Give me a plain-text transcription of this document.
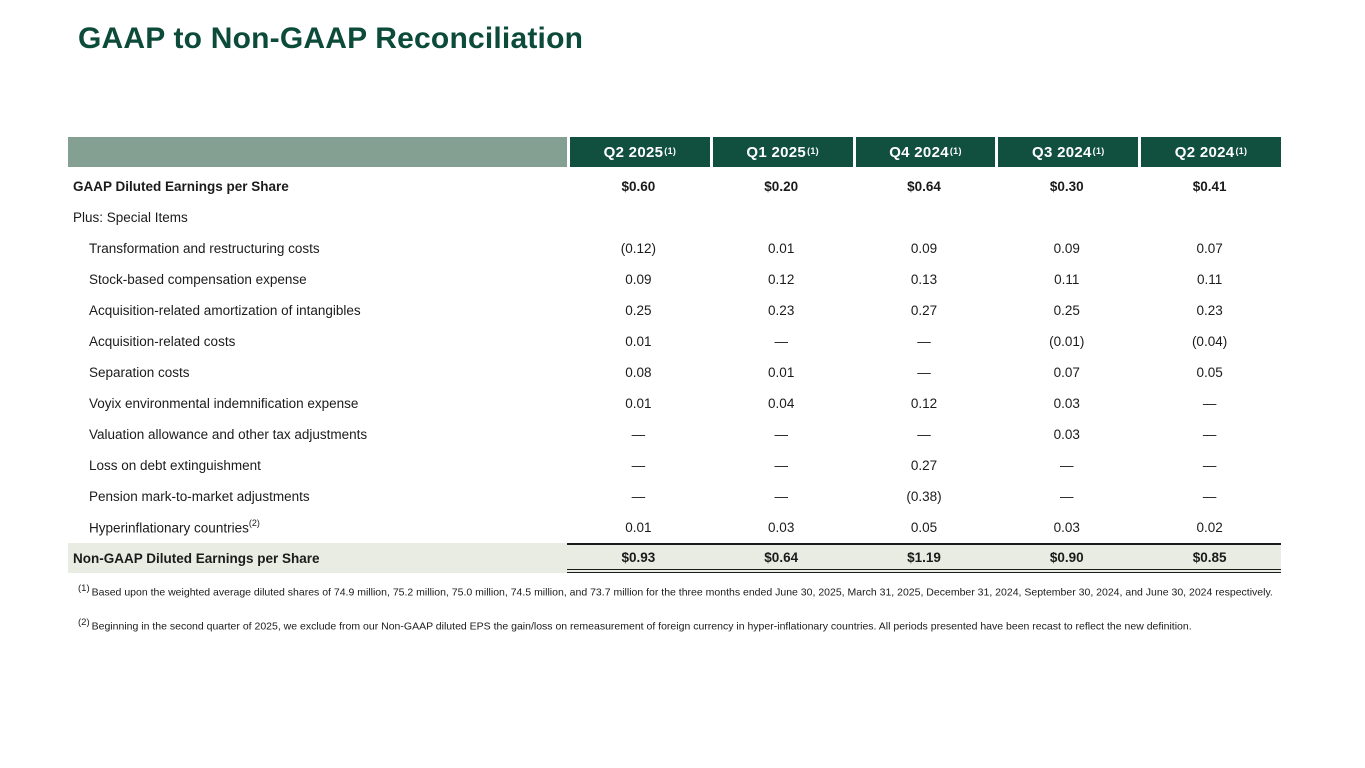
GAAP to Non-GAAP Reconciliation
Q2 2025$^{(1)}$	Q1 2025$^{(1)}$	Q4 2024$^{(1)}$	Q3 2024$^{(1)}$	Q2 2024$^{(1)}$
GAAP Diluted Earnings per Share	$0.60	$0.20	$0.64	$0.30	$0.41
Plus: Special Items
Transformation and restructuring costs	(0.12)	0.01	0.09	0.09	0.07
Stock-based compensation expense	0.09	0.12	0.13	0.11	0.11
Acquisition-related amortization of intangibles	0.25	0.23	0.27	0.25	0.23
Acquisition-related costs	0.01	—	—	(0.01)	(0.04)
Separation costs	0.08	0.01	—	0.07	0.05
Voyix environmental indemnification expense	0.01	0.04	0.12	0.03	—
Valuation allowance and other tax adjustments	—	—	—	0.03	—
Loss on debt extinguishment	—	—	0.27	—	—
Pension mark-to-market adjustments	—	—	(0.38)	—	—
Hyperinflationary countries$^{(2)}$	0.01	0.03	0.05	0.03	0.02
Non-GAAP Diluted Earnings per Share	$0.93	$0.64	$1.19	$0.90	$0.85
$^{(1)}$ Based upon the weighted average diluted shares of 74.9 million, 75.2 million, 75.0 million, 74.5 million, and 73.7 million for the three months ended June 30, 2025, March 31, 2025, December 31, 2024, September 30, 2024, and June 30, 2024 respectively.
$^{(2)}$ Beginning in the second quarter of 2025, we exclude from our Non-GAAP diluted EPS the gain/loss on remeasurement of foreign currency in hyper-inflationary countries. All periods presented have been recast to reflect the new definition.
